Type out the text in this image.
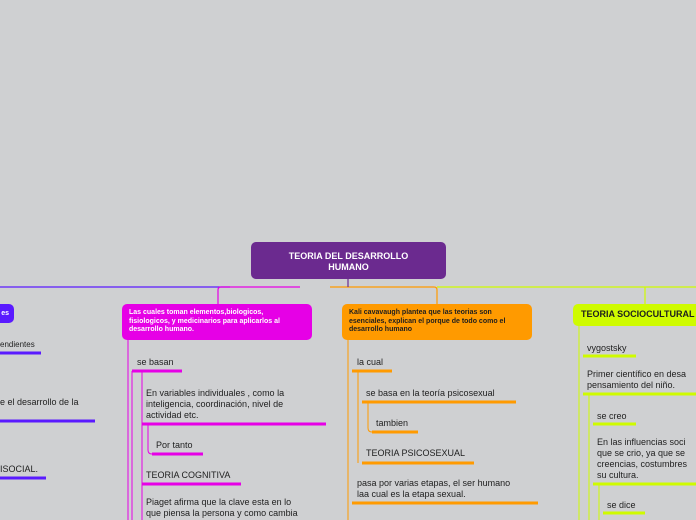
TEORIA DEL DESARROLLO
HUMANO
es	Las cuales toman elementos,biologicos, fisiologicos, y medicinarios para aplicarlos al desarrollo humano.
Kali cavavaugh plantea que las teorias son esenciales, explican el porque de todo como el desarrollo humano
TEORIA SOCIOCULTURAL
endientes
e el desarrollo de la
ISOCIAL.
se basan
En variables individuales , como la
inteligencia, coordinación, nivel de
actividad etc.
Por tanto
TEORIA COGNITIVA
Piaget afirma que la clave esta en lo
que piensa la persona y como cambia
la cual
se basa en la teoría psicosexual
tambien
TEORIA PSICOSEXUAL
pasa por varias etapas, el ser humano
laa cual es la etapa sexual.
vygostsky
Primer científico en desa
pensamiento del niño.
se creo
En las influencias soci
que se crio, ya que se
creencias, costumbres
su cultura.
se dice
